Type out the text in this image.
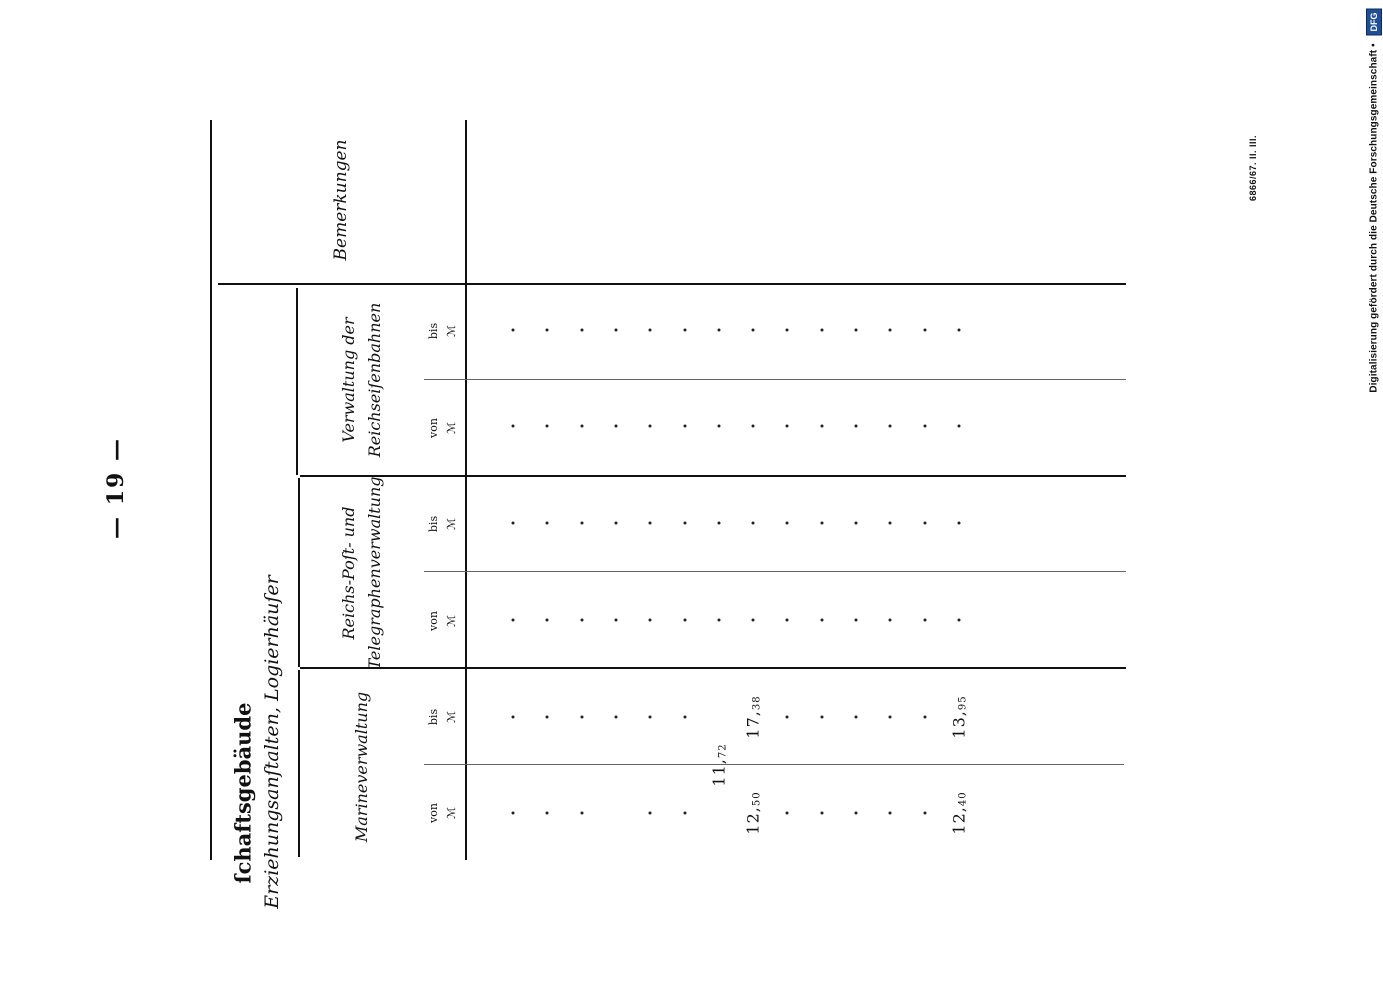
— 19 —
ſchaftsgebäude Erziehungsanſtalten, Logierhäuſer
Bemerkungen
Marineverwaltung
Reichs‑Poſt‑ und Telegraphenverwaltung
Verwaltung der Reichseiſenbahnen
von ℳ
bis ℳ
von ℳ
bis ℳ
von ℳ
bis ℳ
$11,_{72}$
$12,_{50}$
$12,_{40}$
$17,_{38}$
$13,_{95}$
6866/67. II. III.	Digitalisierung gefördert durch die Deutsche Forschungsgemeinschaft •
DFG
